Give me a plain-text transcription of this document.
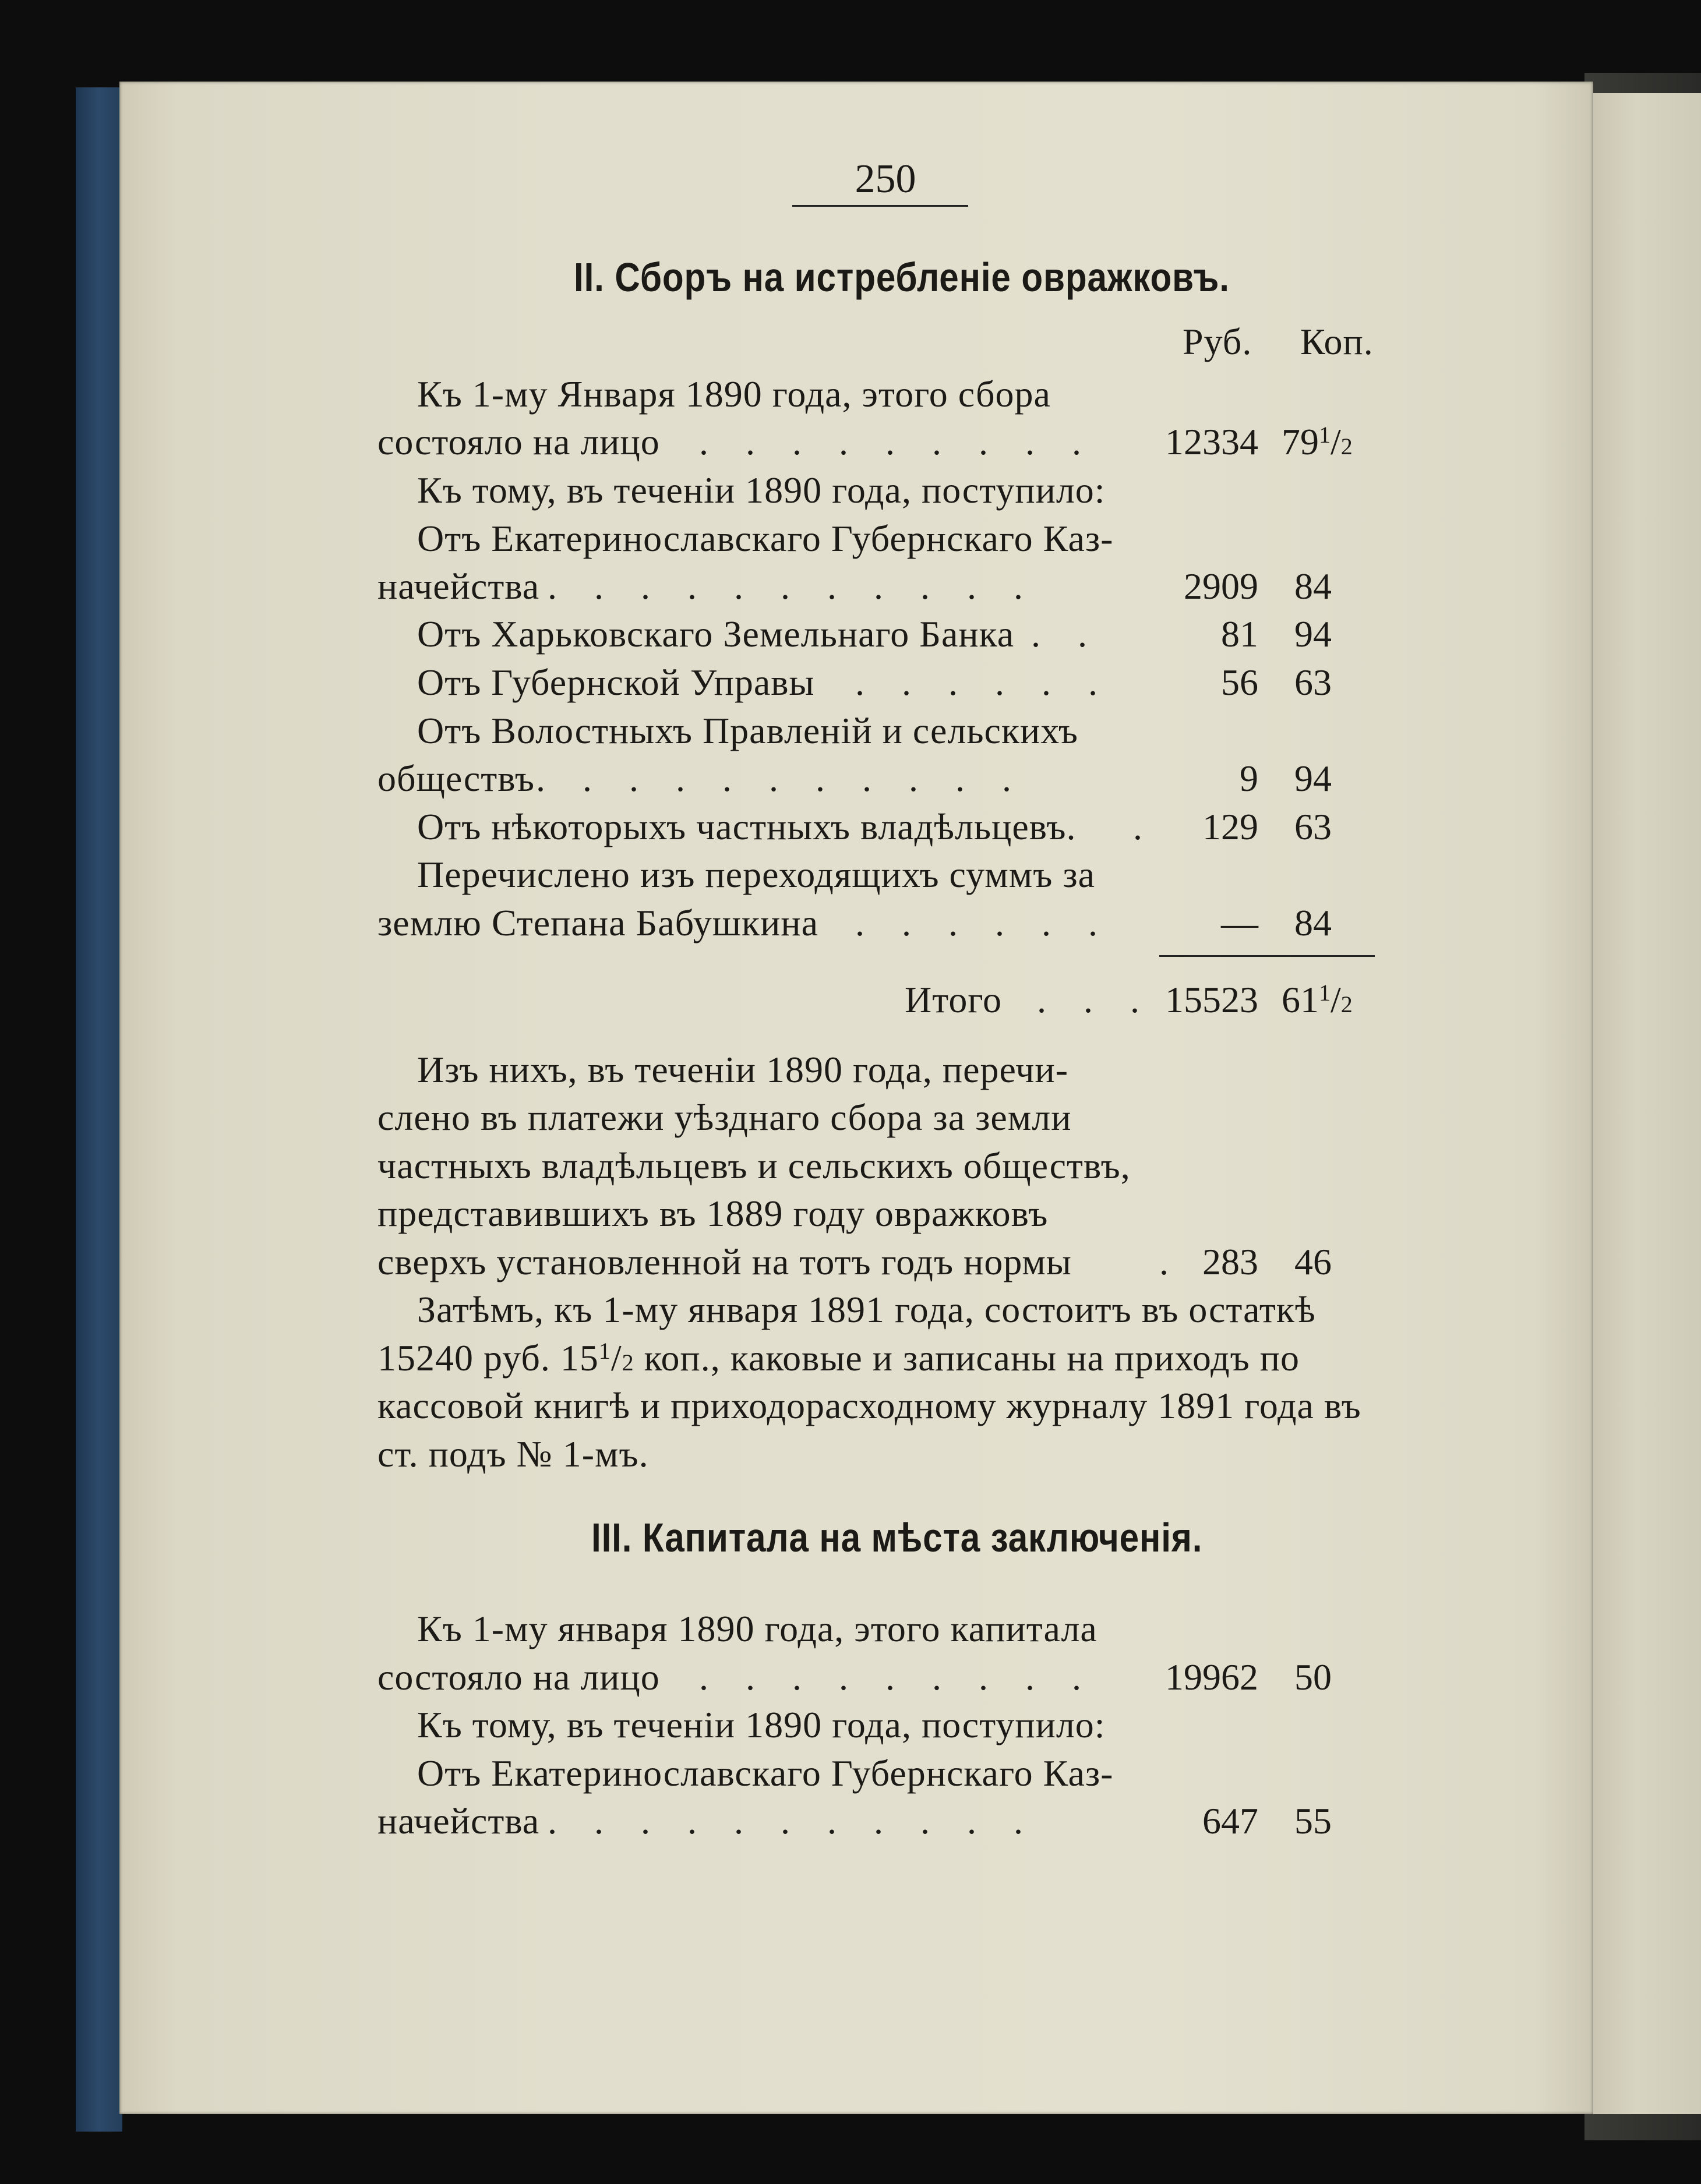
250
II. Сборъ на истребленіе овражковъ.
Руб. Коп.
Къ 1-му Января 1890 года, этого сбора
состояло на лицо . . . . . . . . .	12334 $79^1/2$
Къ тому, въ теченіи 1890 года, поступило:
Отъ Екатеринославскаго Губернскаго Каз-
начейства . . . . . . . . . . .	2909 84
Отъ Харьковскаго Земельнаго Банка . .	81 94
Отъ Губернской Управы . . . . . .	56 63
Отъ Волостныхъ Правленій и сельскихъ
обществъ . . . . . . . . . . .	9 94
Отъ нѣкоторыхъ частныхъ владѣльцевъ. .	129 63
Перечислено изъ переходящихъ суммъ за
землю Степана Бабушкина . . . . . .	— 84
Итого . . . 15523 $61^1/2$
Изъ нихъ, въ теченіи 1890 года, перечи-
слено въ платежи уѣзднаго сбора за земли
частныхъ владѣльцевъ и сельскихъ обществъ,
представившихъ въ 1889 году овражковъ
сверхъ установленной на тотъ годъ нормы . 283 46
Затѣмъ, къ 1-му января 1891 года, состоитъ въ остаткѣ
15240 руб. $15^1/2$ коп., каковые и записаны на приходъ по
кассовой книгѣ и приходорасходному журналу 1891 года въ
ст. подъ № 1-мъ.
III. Капитала на мѣста заключенія.
Къ 1-му января 1890 года, этого капитала
состояло на лицо . . . . . . . . .	19962 50
Къ тому, въ теченіи 1890 года, поступило:
Отъ Екатеринославскаго Губернскаго Каз-
начейства . . . . . . . . . . .	647 55
